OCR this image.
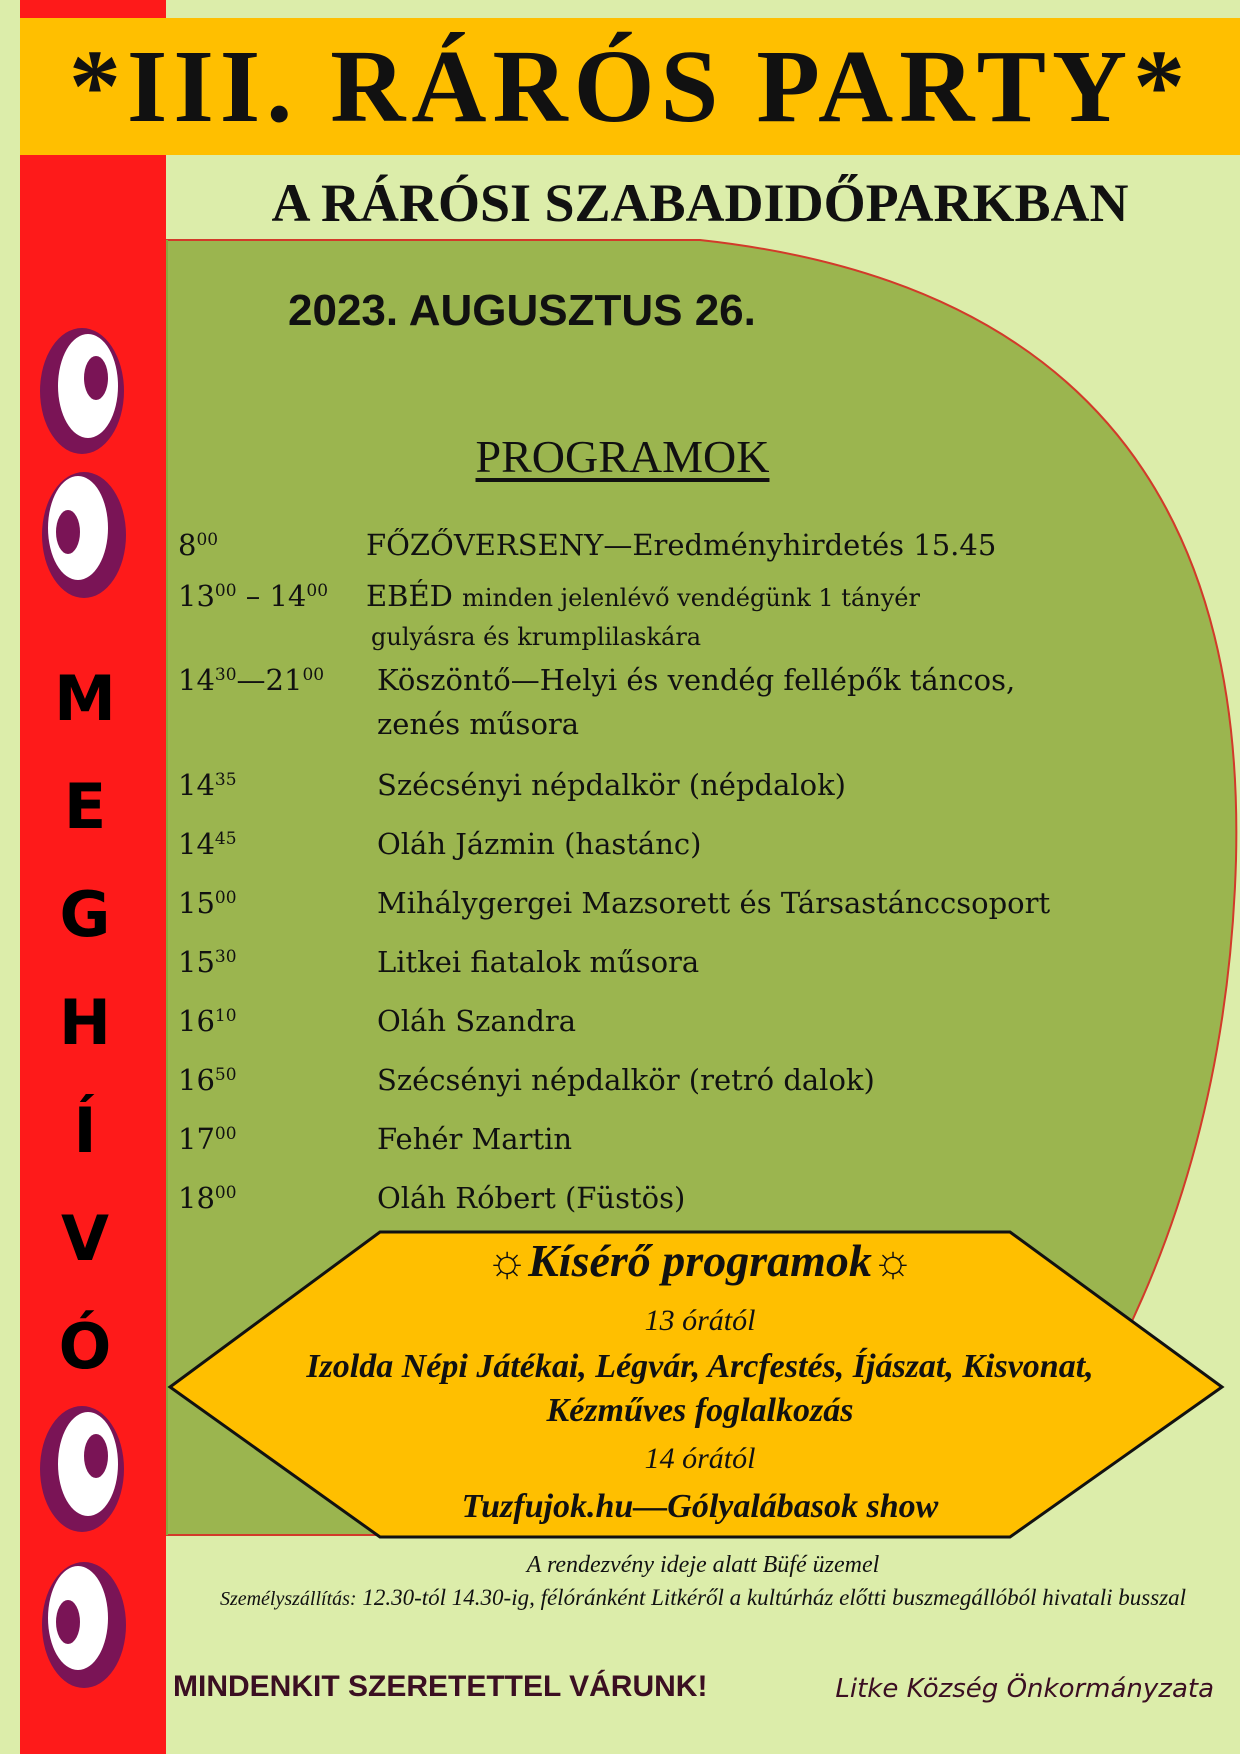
*III. RÁRÓS PARTY*
A RÁRÓSI SZABADIDŐPARKBAN
M
E
G
H
Í
V
Ó
2023. AUGUSZTUS 26.
PROGRAMOK
$8^{00}$	FŐZŐVERSENY—Eredményhirdetés 15.45
$13^{00} - 14^{00}$ EBÉD minden jelenlévő vendégünk 1 tányér
gulyásra és krumplilaskára
$14^{30}—21^{00}$ Köszöntő—Helyi és vendég fellépők táncos,
zenés műsora
$14^{35}$	Szécsényi népdalkör (népdalok)
$14^{45}$	Oláh Jázmin (hastánc)
$15^{00}$	Mihálygergei Mazsorett és Társastánccsoport
$15^{30}$	Litkei fiatalok műsora
$16^{10}$	Oláh Szandra
$16^{50}$	Szécsényi népdalkör (retró dalok)
$17^{00}$	Fehér Martin
$18^{00}$	Oláh Róbert (Füstös)
☼Kísérő programok☼
13 órától
Izolda Népi Játékai, Légvár, Arcfestés, Íjászat, Kisvonat,
Kézműves foglalkozás
14 órától
Tuzfujok.hu—Gólyalábasok show
A rendezvény ideje alatt Büfé üzemel
Személyszállítás: 12.30-tól 14.30-ig, félóránként Litkéről a kultúrház előtti buszmegállóból hivatali busszal
MINDENKIT SZERETETTEL VÁRUNK!	Litke Község Önkormányzata
